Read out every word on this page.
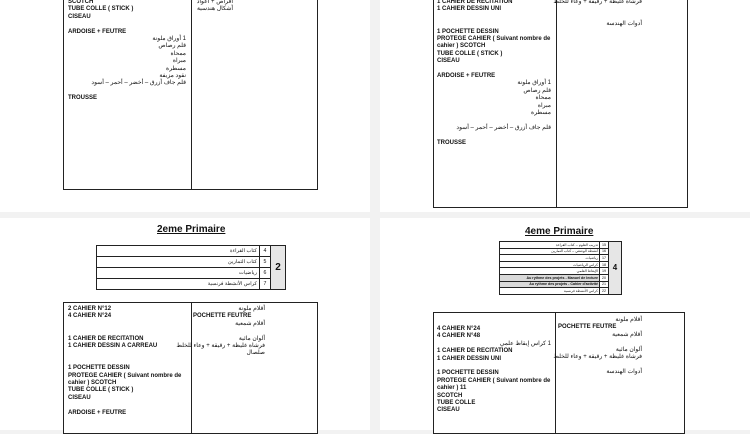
2eme Primaire
كتاب القراءة	4	2
كتاب التمارين	5	
رياضيات	6	
كراس الأنشطة فرنسية	7	
4eme Primaire
تدريب العلوم – كتاب القراءة	15	4
أنشطة الوضعي – كتاب التمارين	16	
رياضيات	17	
كراس الرياضيات	18	
الإيقاظ العلمي	19	
Au rythme des projets - Manuel de lecture	20	
Au rythme des projets - Cahier d'activité	21	
كراس الأنشطة فرنسية	22	
SCOTCH
TUBE COLLE ( STICK )
CISEAU
ARDOISE + FEUTRE
1 أوراق ملونة
قلم رصاص
ممحاة
مبراة
مسطرة
نقود مزيفة
قلم جاف أزرق – أخضر – أحمر – أسود
TROUSSE
أقراص + أعواد
أشكال هندسية
1 CAHIER DE RECITATION
1 CAHIER DESSIN UNI
1 POCHETTE DESSIN
PROTEGE CAHIER ( Suivant nombre de
cahier ) SCOTCH
TUBE COLLE ( STICK )
CISEAU
ARDOISE + FEUTRE
1 أوراق ملونة
قلم رصاص
ممحاة
مبراة
مسطرة
قلم جاف أزرق – أخضر – أحمر – أسود
TROUSSE
فرشاة غليظة + رقيقة + وعاء للخلط
أدوات الهندسة
2 CAHIER N°12
4 CAHIER N°24
1 CAHIER DE RECITATION
1 CAHIER DESSIN A CARREAU
1 POCHETTE DESSIN
PROTEGE CAHIER ( Suivant nombre de
cahier ) SCOTCH
TUBE COLLE ( STICK )
CISEAU
ARDOISE + FEUTRE
أقلام ملونة
POCHETTE FEUTRE
أقلام شمعية
ألوان مائية
فرشاة غليظة + رقيقة + وعاء للخلط
صلصال
4 CAHIER N°24
4 CAHIER N°48
1 كراس إيقاظ علمي
1 CAHIER DE RECITATION
1 CAHIER DESSIN UNI
1 POCHETTE DESSIN
PROTEGE CAHIER ( Suivant nombre de
cahier ) 11
SCOTCH
TUBE COLLE
CISEAU
أقلام ملونة
POCHETTE FEUTRE
أقلام شمعية
ألوان مائية
فرشاة غليظة + رقيقة + وعاء للخلط
أدوات الهندسة
